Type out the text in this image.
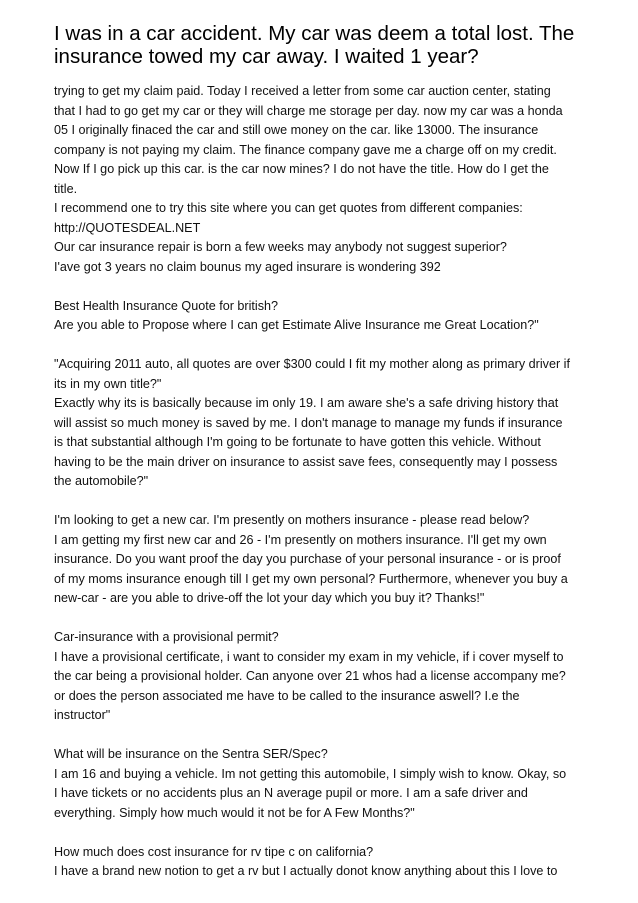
I was in a car accident. My car was deem a total lost. The
insurance towed my car away. I waited 1 year?
trying to get my claim paid. Today I received a letter from some car auction center, stating
that I had to go get my car or they will charge me storage per day. now my car was a honda
05 I originally finaced the car and still owe money on the car. like 13000. The insurance
company is not paying my claim. The finance company gave me a charge off on my credit.
Now If I go pick up this car. is the car now mines? I do not have the title. How do I get the
title.
I recommend one to try this site where you can get quotes from different companies:
http://QUOTESDEAL.NET
Our car insurance repair is born a few weeks may anybody not suggest superior?
I'ave got 3 years no claim bounus my aged insurare is wondering 392
Best Health Insurance Quote for british?
Are you able to Propose where I can get Estimate Alive Insurance me Great Location?"
"Acquiring 2011 auto, all quotes are over $300 could I fit my mother along as primary driver if
its in my own title?"
Exactly why its is basically because im only 19. I am aware she's a safe driving history that
will assist so much money is saved by me. I don't manage to manage my funds if insurance
is that substantial although I'm going to be fortunate to have gotten this vehicle. Without
having to be the main driver on insurance to assist save fees, consequently may I possess
the automobile?"
I'm looking to get a new car. I'm presently on mothers insurance - please read below?
I am getting my first new car and 26 - I'm presently on mothers insurance. I'll get my own
insurance. Do you want proof the day you purchase of your personal insurance - or is proof
of my moms insurance enough till I get my own personal? Furthermore, whenever you buy a
new-car - are you able to drive-off the lot your day which you buy it? Thanks!"
Car-insurance with a provisional permit?
I have a provisional certificate, i want to consider my exam in my vehicle, if i cover myself to
the car being a provisional holder. Can anyone over 21 whos had a license accompany me?
or does the person associated me have to be called to the insurance aswell? I.e the
instructor"
What will be insurance on the Sentra SER/Spec?
I am 16 and buying a vehicle. Im not getting this automobile, I simply wish to know. Okay, so
I have tickets or no accidents plus an N average pupil or more. I am a safe driver and
everything. Simply how much would it not be for A Few Months?"
How much does cost insurance for rv tipe c on california?
I have a brand new notion to get a rv but I actually donot know anything about this I love to
